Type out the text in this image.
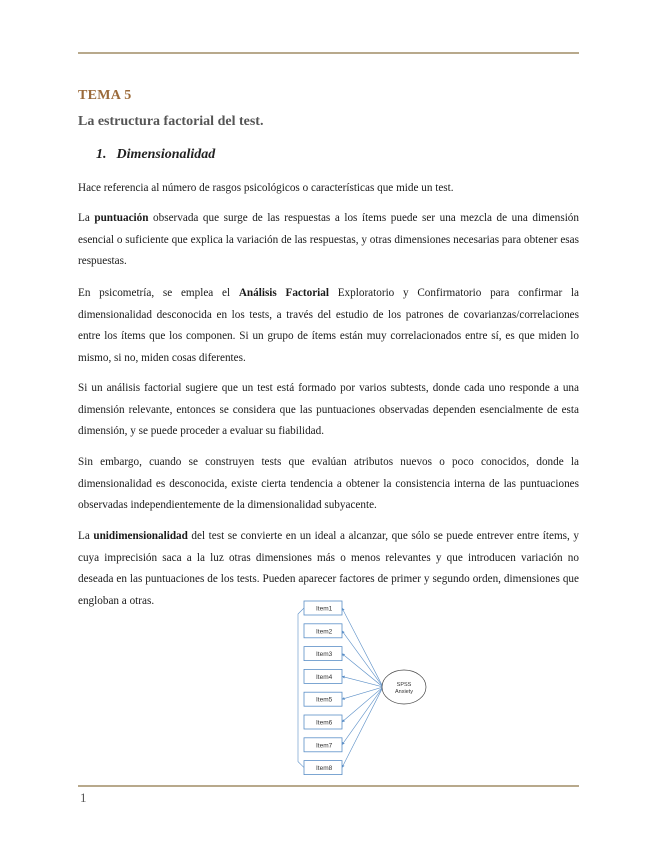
TEMA 5
La estructura factorial del test.
1. Dimensionalidad

Hace referencia al número de rasgos psicológicos o características que mide un test.

La puntuación observada que surge de las respuestas a los ítems puede ser una mezcla de una dimensión esencial o suficiente que explica la variación de las respuestas, y otras dimensiones necesarias para obtener esas respuestas.

En psicometría, se emplea el Análisis Factorial Exploratorio y Confirmatorio para confirmar la dimensionalidad desconocida en los tests, a través del estudio de los patrones de covarianzas/correlaciones entre los ítems que los componen. Si un grupo de ítems están muy correlacionados entre sí, es que miden lo mismo, si no, miden cosas diferentes.

Si un análisis factorial sugiere que un test está formado por varios subtests, donde cada uno responde a una dimensión relevante, entonces se considera que las puntuaciones observadas dependen esencialmente de esta dimensión, y se puede proceder a evaluar su fiabilidad.

Sin embargo, cuando se construyen tests que evalúan atributos nuevos o poco conocidos, donde la dimensionalidad es desconocida, existe cierta tendencia a obtener la consistencia interna de las puntuaciones observadas independientemente de la dimensionalidad subyacente.

La unidimensionalidad del test se convierte en un ideal a alcanzar, que sólo se puede entrever entre ítems, y cuya imprecisión saca a la luz otras dimensiones más o menos relevantes y que introducen variación no deseada en las puntuaciones de los tests. Pueden aparecer factores de primer y segundo orden, dimensiones que engloban a otras.

Item1
Item2
Item3
Item4
Item5
Item6
Item7
Item8
SPSS
Anxiety
1
